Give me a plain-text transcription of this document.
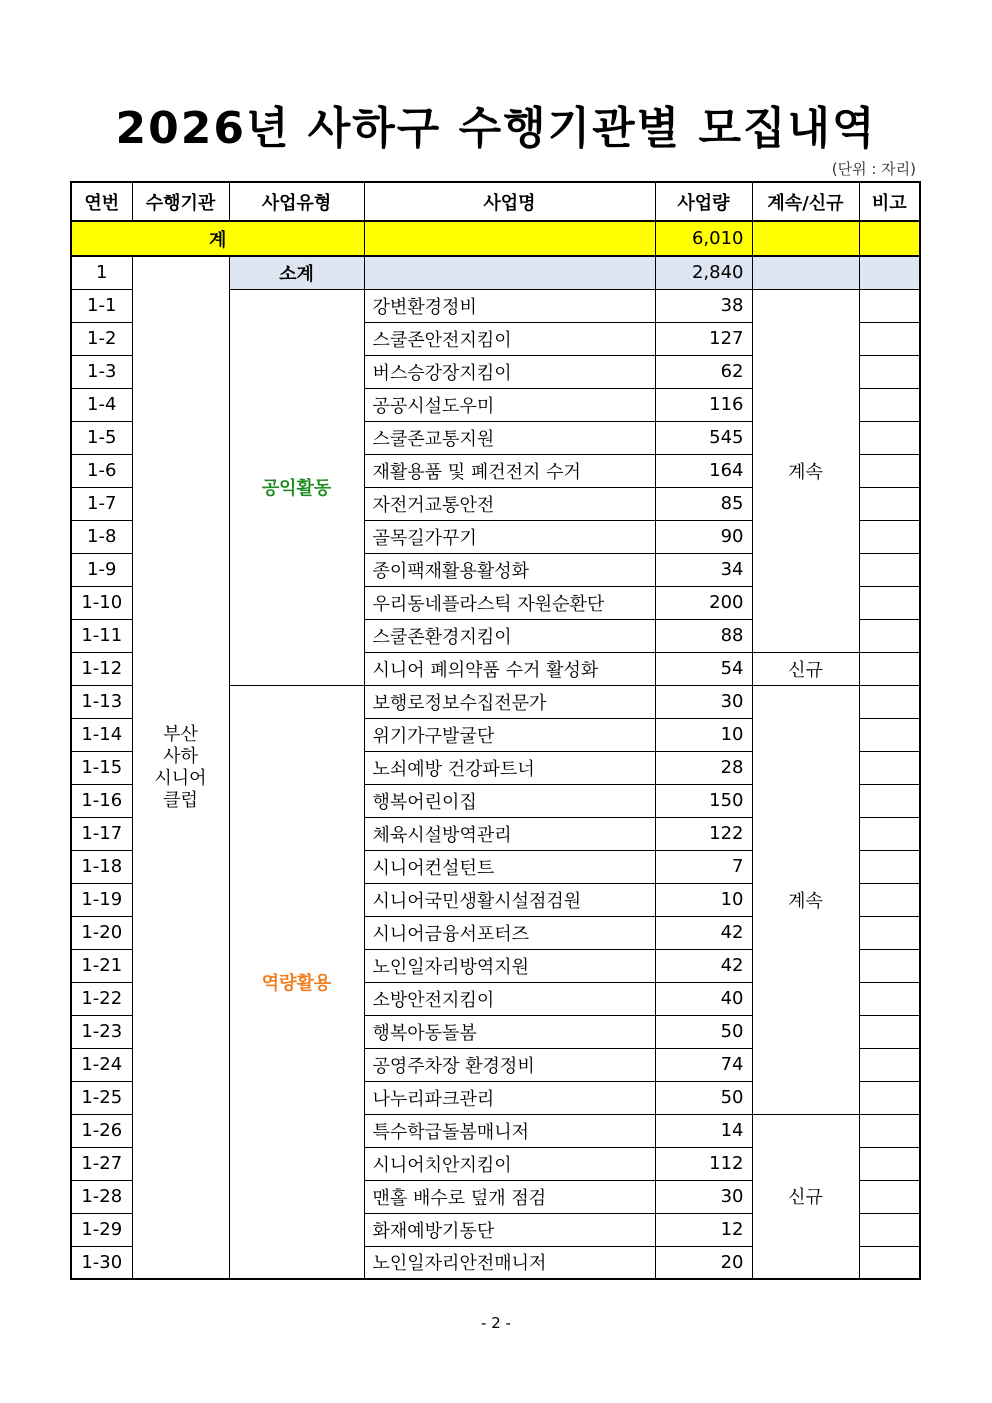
2026년 사하구 수행기관별 모집내역
(단위 : 자리)
연번	수행기관	사업유형	사업명	사업량	계속/신규	비고
계				6,010		
1	부산
사하
시니어
클럽	소계		2,840		
1-1		공익활동	강변환경정비	38	계속	
1-2			스쿨존안전지킴이	127		
1-3			버스승강장지킴이	62		
1-4			공공시설도우미	116		
1-5			스쿨존교통지원	545		
1-6			재활용품 및 폐건전지 수거	164		
1-7			자전거교통안전	85		
1-8			골목길가꾸기	90		
1-9			종이팩재활용활성화	34		
1-10			우리동네플라스틱 자원순환단	200		
1-11			스쿨존환경지킴이	88		
1-12			시니어 폐의약품 수거 활성화	54	신규	
1-13		역량활용	보행로정보수집전문가	30	계속	
1-14			위기가구발굴단	10		
1-15			노쇠예방 건강파트너	28		
1-16			행복어린이집	150		
1-17			체육시설방역관리	122		
1-18			시니어컨설턴트	7		
1-19			시니어국민생활시설점검원	10		
1-20			시니어금융서포터즈	42		
1-21			노인일자리방역지원	42		
1-22			소방안전지킴이	40		
1-23			행복아동돌봄	50		
1-24			공영주차장 환경정비	74		
1-25			나누리파크관리	50		
1-26			특수학급돌봄매니저	14	신규	
1-27			시니어치안지킴이	112		
1-28			맨홀 배수로 덮개 점검	30		
1-29			화재예방기동단	12		
1-30			노인일자리안전매니저	20		
- 2 -
